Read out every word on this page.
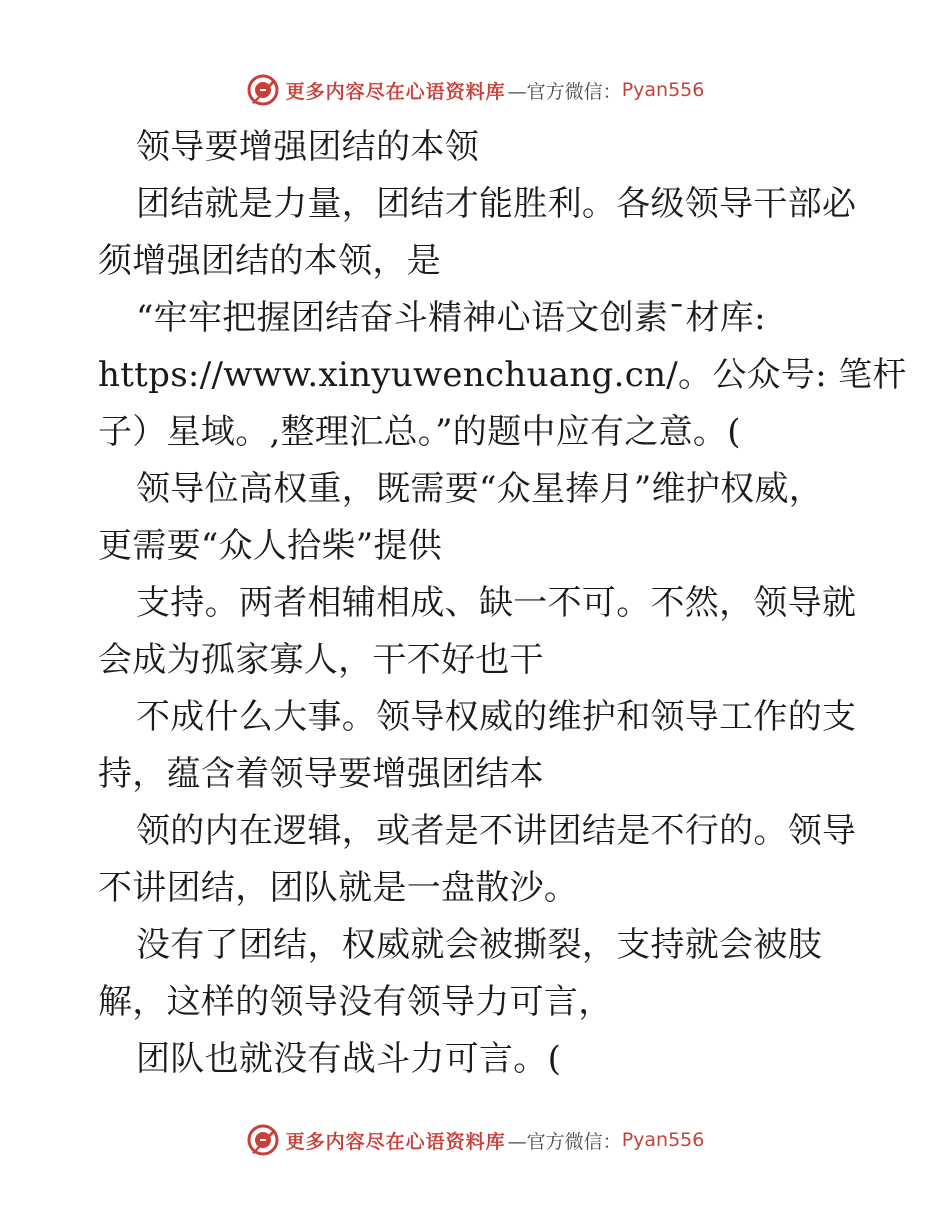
更多内容尽在心语资料库 —官方微信： Pyan556
领导要增强团结的本领
团结就是力量，团结才能胜利。各级领导干部必
须增强团结的本领，是
“牢牢把握团结奋斗精神心语文创素¯材库:
https://www.xinyuwenchuang.cn/。公众号: 笔杆
子）星域。,整理汇总。”的题中应有之意。(
领导位高权重，既需要“众星捧月”维护权威，
更需要“众人拾柴”提供
支持。两者相辅相成、缺一不可。不然，领导就
会成为孤家寡人，干不好也干
不成什么大事。领导权威的维护和领导工作的支
持，蕴含着领导要增强团结本
领的内在逻辑，或者是不讲团结是不行的。领导
不讲团结，团队就是一盘散沙。
没有了团结，权威就会被撕裂，支持就会被肢
解，这样的领导没有领导力可言，
团队也就没有战斗力可言。(
更多内容尽在心语资料库 —官方微信： Pyan556
